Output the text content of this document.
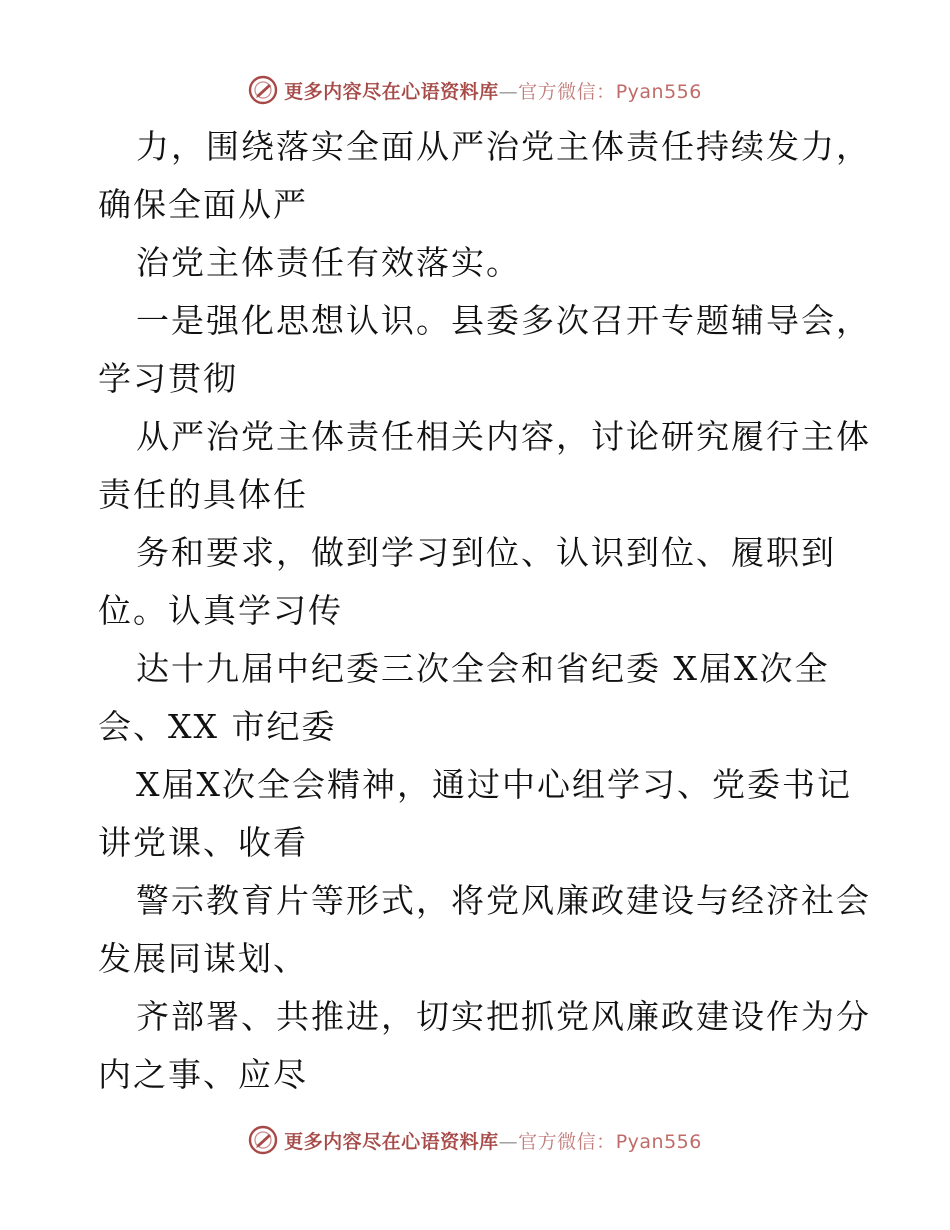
更多内容尽在心语资料库—官方微信：Pyan556

力，围绕落实全面从严治党主体责任持续发力，
确保全面从严

治党主体责任有效落实。

一是强化思想认识。县委多次召开专题辅导会，
学习贯彻

从严治党主体责任相关内容，讨论研究履行主体
责任的具体任

务和要求，做到学习到位、认识到位、履职到
位。认真学习传

达十九届中纪委三次全会和省纪委 X届X次全
会、XX 市纪委

X届X次全会精神，通过中心组学习、党委书记
讲党课、收看

警示教育片等形式，将党风廉政建设与经济社会
发展同谋划、

齐部署、共推进，切实把抓党风廉政建设作为分
内之事、应尽

更多内容尽在心语资料库—官方微信：Pyan556
